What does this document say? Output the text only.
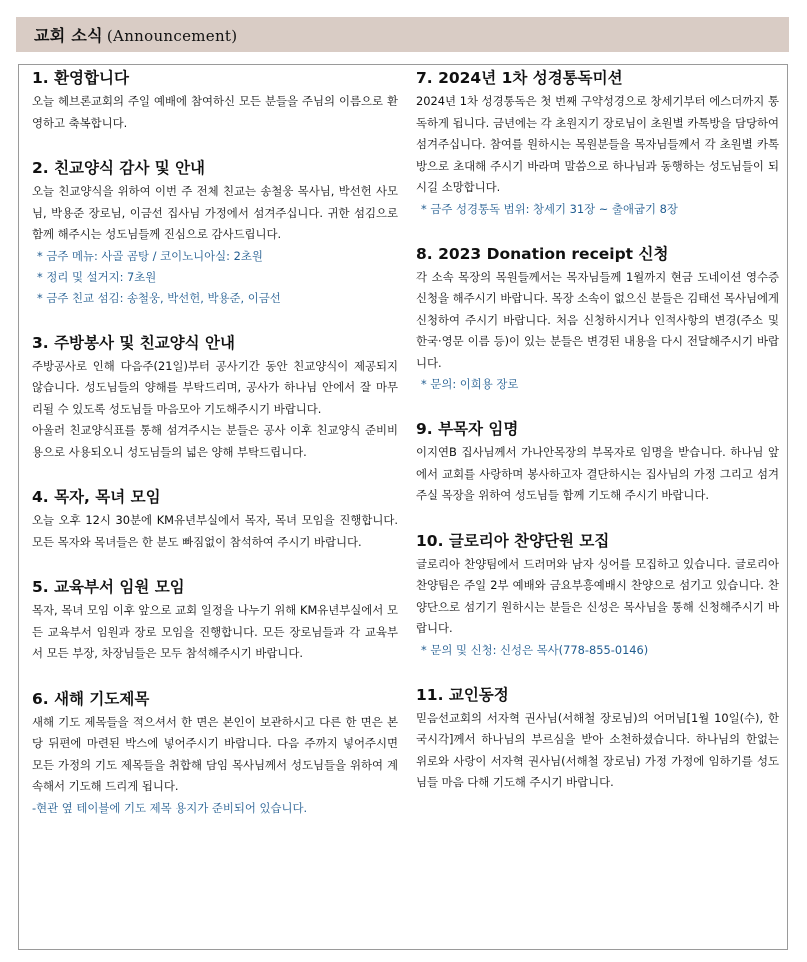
교회 소식 (Announcement)
1. 환영합니다

오늘 헤브론교회의 주일 예배에 참여하신 모든 분들을 주님의 이름으로 환영하고 축복합니다.

2. 친교양식 감사 및 안내

오늘 친교양식을 위하여 이번 주 전체 친교는 송철웅 목사님, 박선헌 사모님, 박용준 장로님, 이금선 집사님 가정에서 섬겨주십니다. 귀한 섬김으로 함께 해주시는 성도님들께 진심으로 감사드립니다.

* 금주 메뉴: 사골 곰탕 / 코이노니아실: 2초원

* 정리 및 설거지: 7초원

* 금주 친교 섬김: 송철웅, 박선헌, 박용준, 이금선

3. 주방봉사 및 친교양식 안내

주방공사로 인해 다음주(21일)부터 공사기간 동안 친교양식이 제공되지 않습니다. 성도님들의 양해를 부탁드리며, 공사가 하나님 안에서 잘 마무리될 수 있도록 성도님들 마음모아 기도해주시기 바랍니다.

아울러 친교양식표를 통해 섬겨주시는 분들은 공사 이후 친교양식 준비비용으로 사용되오니 성도님들의 넓은 양해 부탁드립니다.

4. 목자, 목녀 모임

오늘 오후 12시 30분에 KM유년부실에서 목자, 목녀 모임을 진행합니다. 모든 목자와 목녀들은 한 분도 빠짐없이 참석하여 주시기 바랍니다.

5. 교육부서 임원 모임

목자, 목녀 모임 이후 앞으로 교회 일정을 나누기 위해 KM유년부실에서 모든 교육부서 임원과 장로 모임을 진행합니다. 모든 장로님들과 각 교육부서 모든 부장, 차장님들은 모두 참석해주시기 바랍니다.

6. 새해 기도제목

새해 기도 제목들을 적으셔서 한 면은 본인이 보관하시고 다른 한 면은 본당 뒤편에 마련된 박스에 넣어주시기 바랍니다. 다음 주까지 넣어주시면 모든 가정의 기도 제목들을 취합해 담임 목사님께서 성도님들을 위하여 계속해서 기도해 드리게 됩니다.

-현관 옆 테이블에 기도 제목 용지가 준비되어 있습니다.

7. 2024년 1차 성경통독미션

2024년 1차 성경통독은 첫 번째 구약성경으로 창세기부터 에스더까지 통독하게 됩니다. 금년에는 각 초원지기 장로님이 초원별 카톡방을 담당하여 섬겨주십니다. 참여를 원하시는 목원분들을 목자님들께서 각 초원별 카톡방으로 초대해 주시기 바라며 말씀으로 하나님과 동행하는 성도님들이 되시길 소망합니다.

* 금주 성경통독 범위: 창세기 31장 ~ 출애굽기 8장

8. 2023 Donation receipt 신청

각 소속 목장의 목원들께서는 목자님들께 1월까지 현금 도네이션 영수증 신청을 해주시기 바랍니다. 목장 소속이 없으신 분들은 김태선 목사님에게 신청하여 주시기 바랍니다. 처음 신청하시거나 인적사항의 변경(주소 및 한국·영문 이름 등)이 있는 분들은 변경된 내용을 다시 전달해주시기 바랍니다.

* 문의: 이희용 장로

9. 부목자 임명

이지연B 집사님께서 가나안목장의 부목자로 임명을 받습니다. 하나님 앞에서 교회를 사랑하며 봉사하고자 결단하시는 집사님의 가정 그리고 섬겨주실 목장을 위하여 성도님들 함께 기도해 주시기 바랍니다.

10. 글로리아 찬양단원 모집

글로리아 찬양팀에서 드러머와 남자 싱어를 모집하고 있습니다. 글로리아 찬양팀은 주일 2부 예배와 금요부흥예배시 찬양으로 섬기고 있습니다. 찬양단으로 섬기기 원하시는 분들은 신성은 목사님을 통해 신청해주시기 바랍니다.

* 문의 및 신청: 신성은 목사(778-855-0146)

11. 교인동정

믿음선교회의 서자혁 권사님(서해철 장로님)의 어머님[1월 10일(수), 한국시각]께서 하나님의 부르심을 받아 소천하셨습니다. 하나님의 한없는 위로와 사랑이 서자혁 권사님(서해철 장로님) 가정 가정에 임하기를 성도님들 마음 다해 기도해 주시기 바랍니다.
